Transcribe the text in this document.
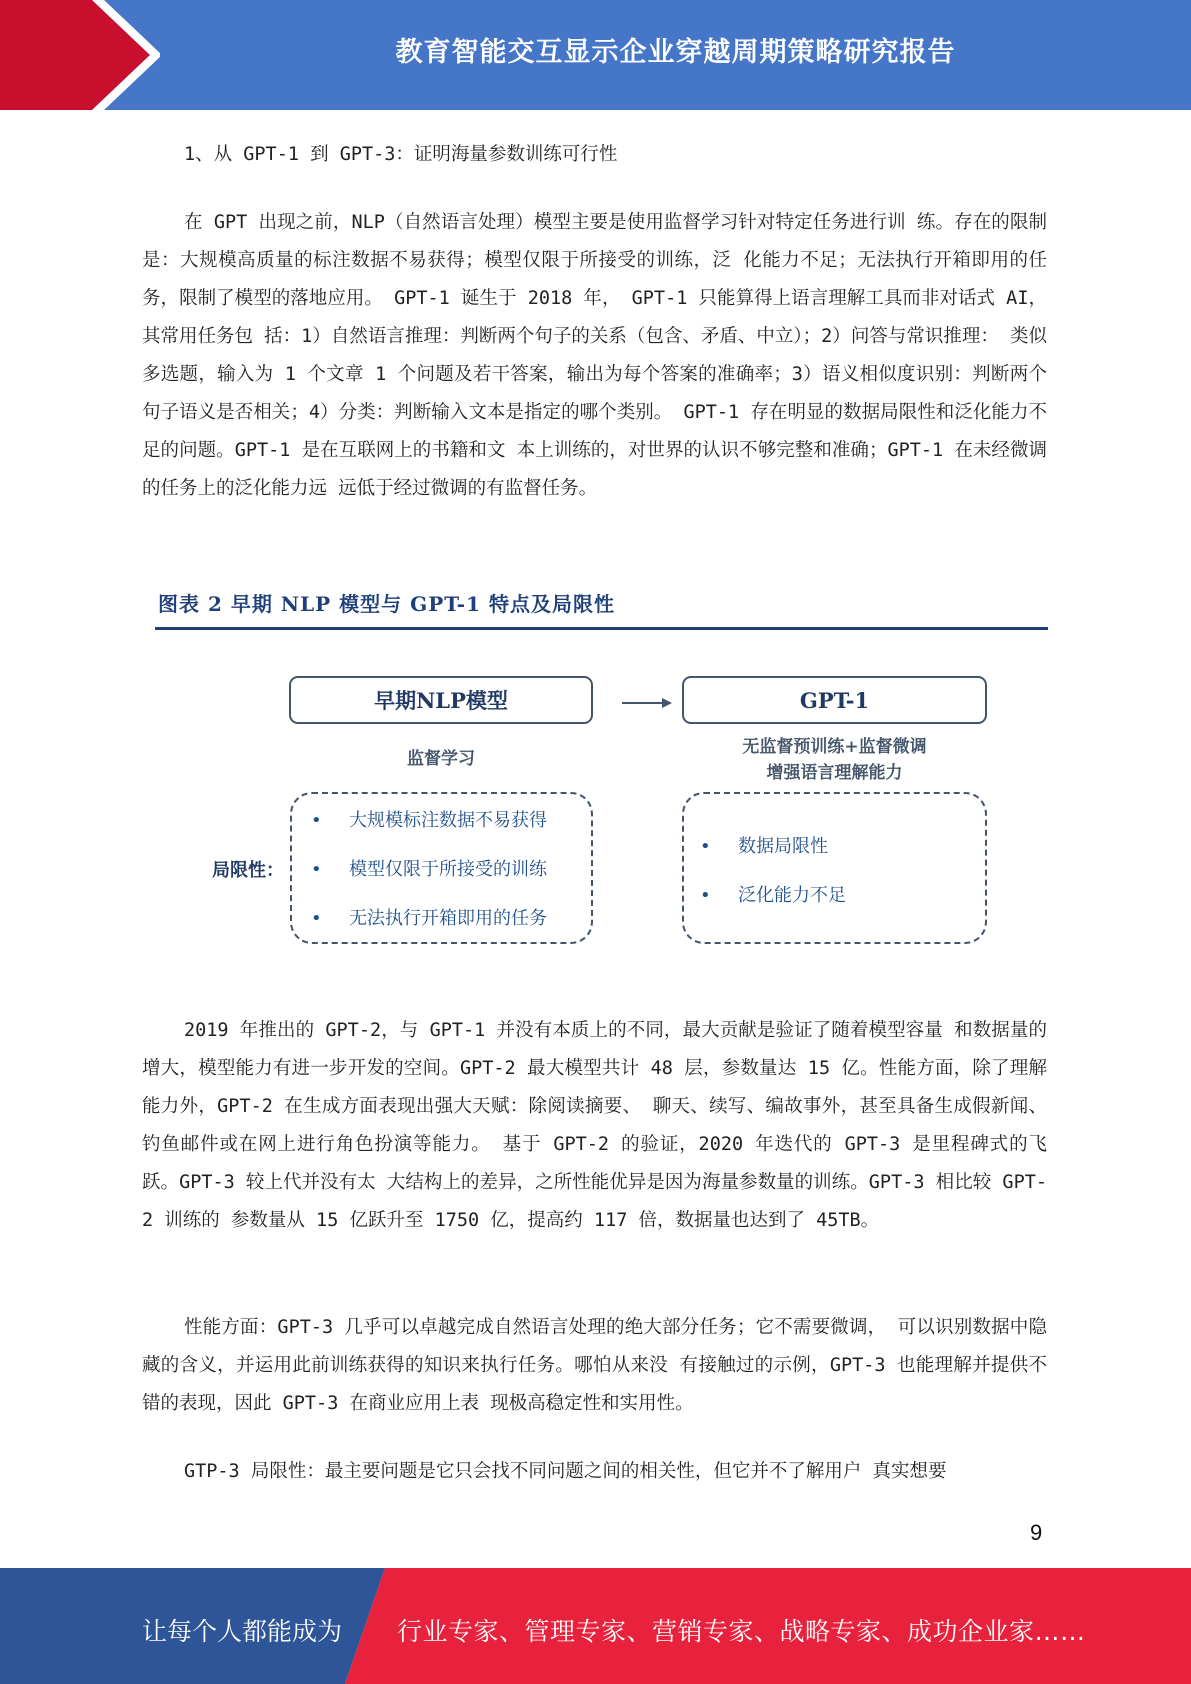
教育智能交互显示企业穿越周期策略研究报告
1、从 GPT-1 到 GPT-3：证明海量参数训练可行性
在 GPT 出现之前，NLP（自然语言处理）模型主要是使用监督学习针对特定任务进行训 练。存在的限制是：大规模高质量的标注数据不易获得；模型仅限于所接受的训练，泛 化能力不足；无法执行开箱即用的任务，限制了模型的落地应用。 GPT-1 诞生于 2018 年， GPT-1 只能算得上语言理解工具而非对话式 AI，其常用任务包 括：1）自然语言推理：判断两个句子的关系（包含、矛盾、中立）；2）问答与常识推理： 类似多选题，输入为 1 个文章 1 个问题及若干答案，输出为每个答案的准确率；3）语义相似度识别：判断两个句子语义是否相关；4）分类：判断输入文本是指定的哪个类别。 GPT-1 存在明显的数据局限性和泛化能力不足的问题。GPT-1 是在互联网上的书籍和文 本上训练的，对世界的认识不够完整和准确；GPT-1 在未经微调的任务上的泛化能力远 远低于经过微调的有监督任务。
图表 2 早期 NLP 模型与 GPT-1 特点及局限性
早期NLP模型	GPT-1
监督学习
无监督预训练+监督微调
增强语言理解能力
局限性：
• 大规模标注数据不易获得
• 模型仅限于所接受的训练
• 无法执行开箱即用的任务
• 数据局限性
• 泛化能力不足
2019 年推出的 GPT-2，与 GPT-1 并没有本质上的不同，最大贡献是验证了随着模型容量 和数据量的增大，模型能力有进一步开发的空间。GPT-2 最大模型共计 48 层，参数量达 15 亿。性能方面，除了理解能力外，GPT-2 在生成方面表现出强大天赋：除阅读摘要、 聊天、续写、编故事外，甚至具备生成假新闻、钓鱼邮件或在网上进行角色扮演等能力。 基于 GPT-2 的验证，2020 年迭代的 GPT-3 是里程碑式的飞跃。GPT-3 较上代并没有太 大结构上的差异，之所性能优异是因为海量参数量的训练。GPT-3 相比较 GPT-2 训练的 参数量从 15 亿跃升至 1750 亿，提高约 117 倍，数据量也达到了 45TB。
性能方面：GPT-3 几乎可以卓越完成自然语言处理的绝大部分任务；它不需要微调， 可以识别数据中隐藏的含义，并运用此前训练获得的知识来执行任务。哪怕从来没 有接触过的示例，GPT-3 也能理解并提供不错的表现，因此 GPT-3 在商业应用上表 现极高稳定性和实用性。
GTP-3 局限性：最主要问题是它只会找不同问题之间的相关性，但它并不了解用户 真实想要
9
让每个人都能成为 行业专家、管理专家、营销专家、战略专家、成功企业家……
